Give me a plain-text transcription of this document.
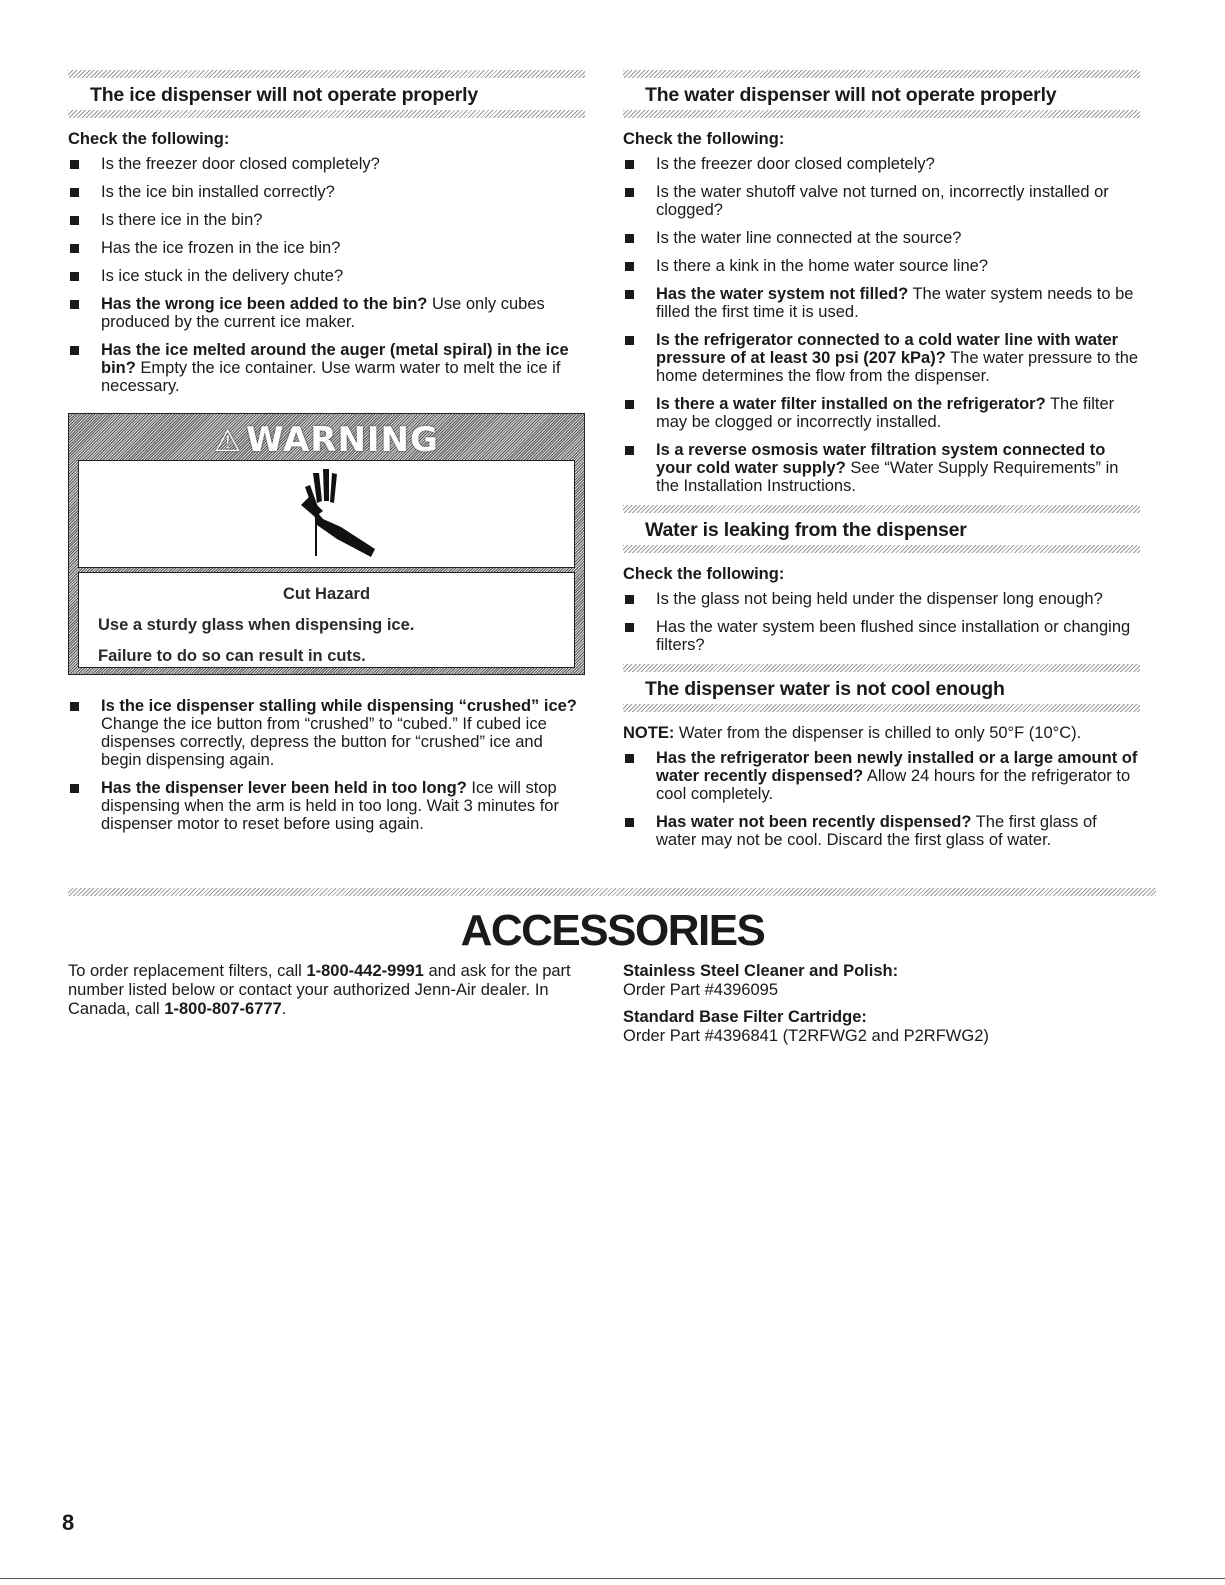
The ice dispenser will not operate properly
Check the following:
Is the freezer door closed completely?
Is the ice bin installed correctly?
Is there ice in the bin?
Has the ice frozen in the ice bin?
Is ice stuck in the delivery chute?
Has the wrong ice been added to the bin? Use only cubes produced by the current ice maker.
Has the ice melted around the auger (metal spiral) in the ice bin? Empty the ice container. Use warm water to melt the ice if necessary.
⚠ WARNING
Cut Hazard
Use a sturdy glass when dispensing ice.
Failure to do so can result in cuts.
Is the ice dispenser stalling while dispensing “crushed” ice? Change the ice button from “crushed” to “cubed.” If cubed ice dispenses correctly, depress the button for “crushed” ice and begin dispensing again.
Has the dispenser lever been held in too long? Ice will stop dispensing when the arm is held in too long. Wait 3 minutes for dispenser motor to reset before using again.
The water dispenser will not operate properly
Check the following:
Is the freezer door closed completely?
Is the water shutoff valve not turned on, incorrectly installed or clogged?
Is the water line connected at the source?
Is there a kink in the home water source line?
Has the water system not filled? The water system needs to be filled the first time it is used.
Is the refrigerator connected to a cold water line with water pressure of at least 30 psi (207 kPa)? The water pressure to the home determines the flow from the dispenser.
Is there a water filter installed on the refrigerator? The filter may be clogged or incorrectly installed.
Is a reverse osmosis water filtration system connected to your cold water supply? See “Water Supply Requirements” in the Installation Instructions.
Water is leaking from the dispenser
Check the following:
Is the glass not being held under the dispenser long enough?
Has the water system been flushed since installation or changing filters?
The dispenser water is not cool enough
NOTE: Water from the dispenser is chilled to only 50°F (10°C).
Has the refrigerator been newly installed or a large amount of water recently dispensed? Allow 24 hours for the refrigerator to cool completely.
Has water not been recently dispensed? The first glass of water may not be cool. Discard the first glass of water.
ACCESSORIES
To order replacement filters, call 1-800-442-9991 and ask for the part number listed below or contact your authorized Jenn-Air dealer. In Canada, call 1-800-807-6777.
Stainless Steel Cleaner and Polish:
Order Part #4396095
Standard Base Filter Cartridge:
Order Part #4396841 (T2RFWG2 and P2RFWG2)
8
